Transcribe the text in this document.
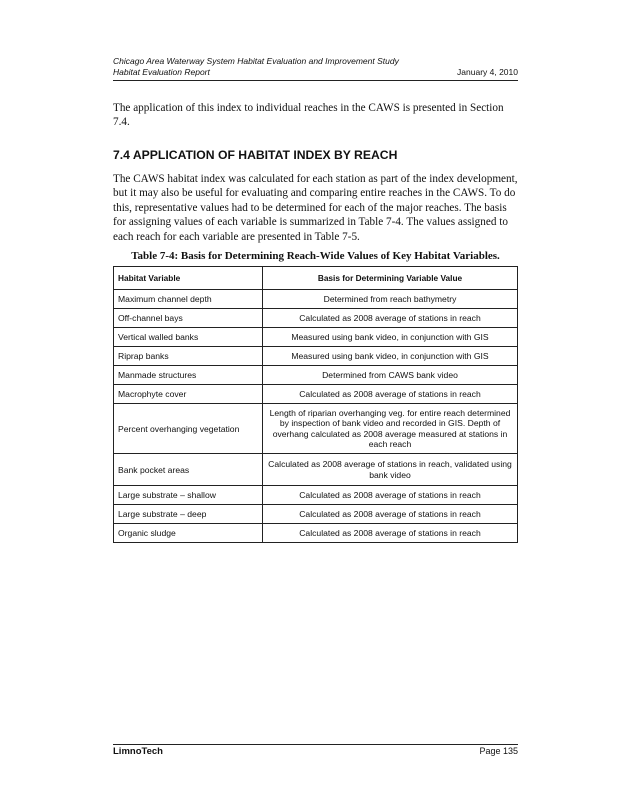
Chicago Area Waterway System Habitat Evaluation and Improvement Study
Habitat Evaluation Report	January 4, 2010

The application of this index to individual reaches in the CAWS is presented in Section 7.4.

7.4 APPLICATION OF HABITAT INDEX BY REACH

The CAWS habitat index was calculated for each station as part of the index development, but it may also be useful for evaluating and comparing entire reaches in the CAWS. To do this, representative values had to be determined for each of the major reaches. The basis for assigning values of each variable is summarized in Table 7-4. The values assigned to each reach for each variable are presented in Table 7-5.

Table 7-4: Basis for Determining Reach-Wide Values of Key Habitat Variables.

Habitat Variable	Basis for Determining Variable Value
Maximum channel depth	Determined from reach bathymetry
Off-channel bays	Calculated as 2008 average of stations in reach
Vertical walled banks	Measured using bank video, in conjunction with GIS
Riprap banks	Measured using bank video, in conjunction with GIS
Manmade structures	Determined from CAWS bank video
Macrophyte cover	Calculated as 2008 average of stations in reach
Percent overhanging vegetation	Length of riparian overhanging veg. for entire reach determined by inspection of bank video and recorded in GIS. Depth of overhang calculated as 2008 average measured at stations in each reach
Bank pocket areas	Calculated as 2008 average of stations in reach, validated using bank video
Large substrate – shallow	Calculated as 2008 average of stations in reach
Large substrate – deep	Calculated as 2008 average of stations in reach
Organic sludge	Calculated as 2008 average of stations in reach
LimnoTech	Page 135
